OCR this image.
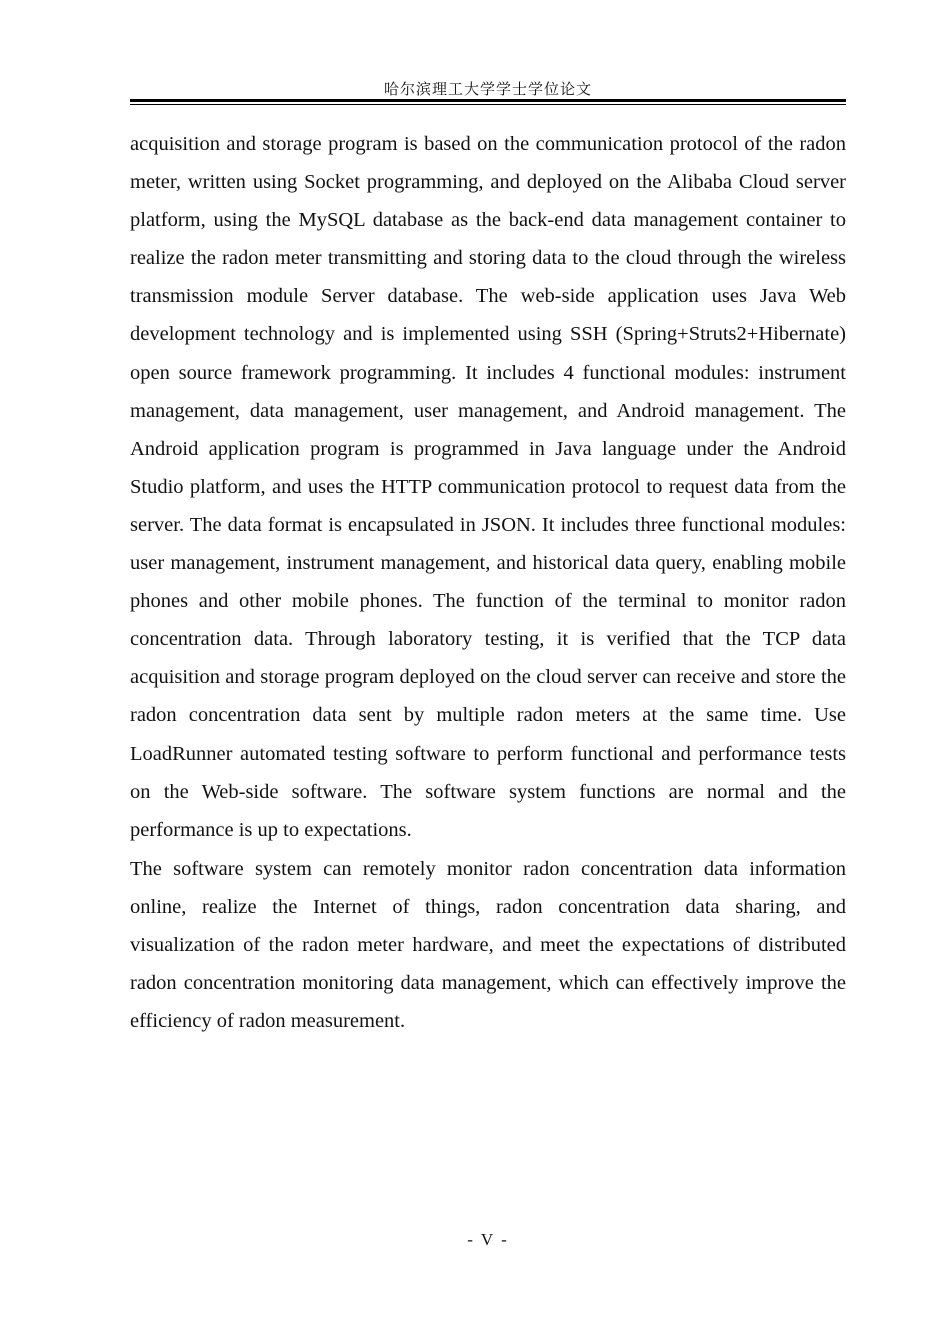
哈尔滨理工大学学士学位论文

acquisition and storage program is based on the communication protocol of the radon meter, written using Socket programming, and deployed on the Alibaba Cloud server platform, using the MySQL database as the back-end data management container to realize the radon meter transmitting and storing data to the cloud through the wireless transmission module Server database. The web-side application uses Java Web development technology and is implemented using SSH (Spring+Struts2+Hibernate) open source framework programming. It includes 4 functional modules: instrument management, data management, user management, and Android management. The Android application program is programmed in Java language under the Android Studio platform, and uses the HTTP communication protocol to request data from the server. The data format is encapsulated in JSON. It includes three functional modules: user management, instrument management, and historical data query, enabling mobile phones and other mobile phones. The function of the terminal to monitor radon concentration data. Through laboratory testing, it is verified that the TCP data acquisition and storage program deployed on the cloud server can receive and store the radon concentration data sent by multiple radon meters at the same time. Use LoadRunner automated testing software to perform functional and performance tests on the Web-side software. The software system functions are normal and the performance is up to expectations.

The software system can remotely monitor radon concentration data information online, realize the Internet of things, radon concentration data sharing, and visualization of the radon meter hardware, and meet the expectations of distributed radon concentration monitoring data management, which can effectively improve the efficiency of radon measurement.

- V -
